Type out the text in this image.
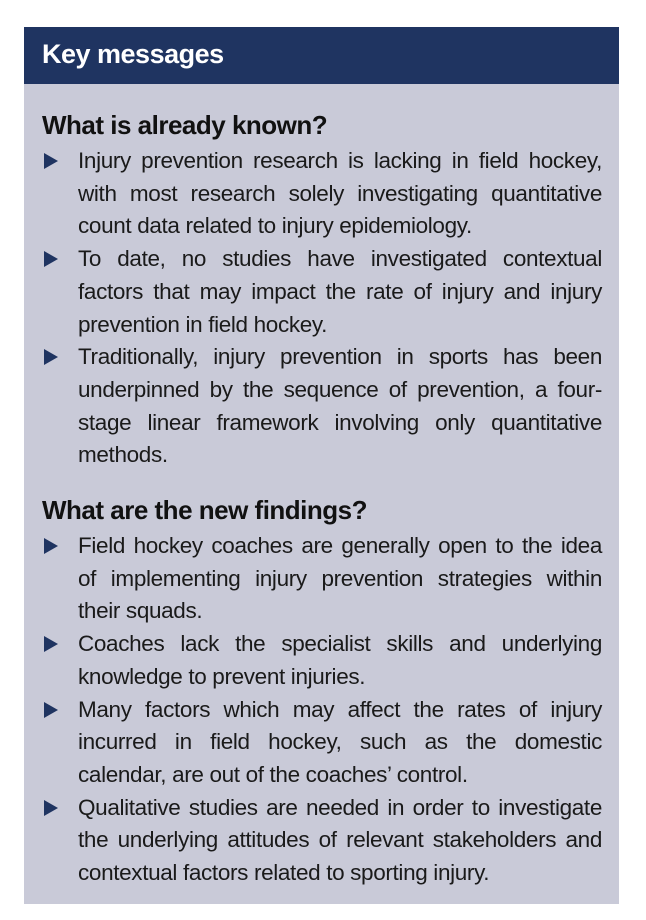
Key messages
What is already known?
Injury prevention research is lacking in field hockey, with most research solely investigating quantitative count data related to injury epidemiology.
To date, no studies have investigated contextual factors that may impact the rate of injury and injury prevention in field hockey.
Traditionally, injury prevention in sports has been underpinned by the sequence of prevention, a four-stage linear framework involving only quantitative methods.
What are the new findings?
Field hockey coaches are generally open to the idea of implementing injury prevention strategies within their squads.
Coaches lack the specialist skills and underlying knowledge to prevent injuries.
Many factors which may affect the rates of injury incurred in field hockey, such as the domestic calendar, are out of the coaches’ control.
Qualitative studies are needed in order to investigate the underlying attitudes of relevant stakeholders and contextual factors related to sporting injury.
